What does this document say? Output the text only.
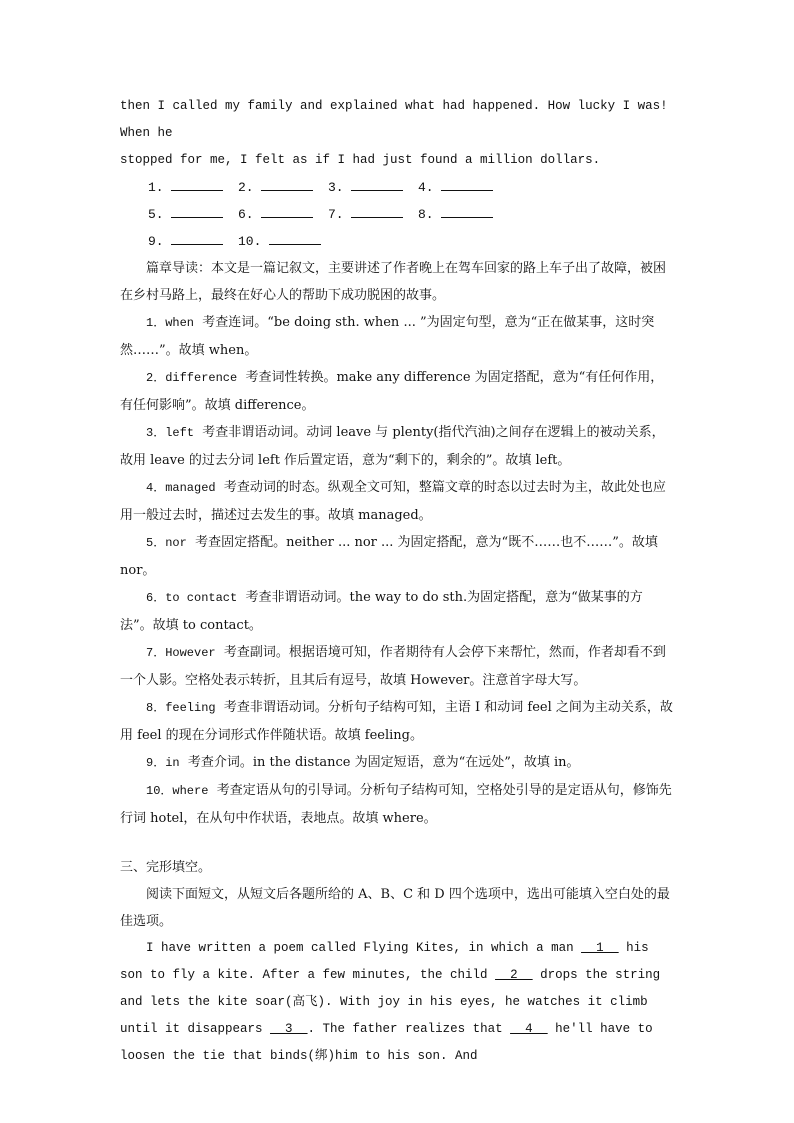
then I called my family and explained what had happened. How lucky I was! When he

stopped for me, I felt as if I had just found a million dollars.

1.	2.	3.	4.
5.	6.	7.	8.
9.	10.

篇章导读：本文是一篇记叙文，主要讲述了作者晚上在驾车回家的路上车子出了故障，被困在乡村马路上，最终在好心人的帮助下成功脱困的故事。

1．when 考查连词。“be doing sth. when ... ”为固定句型，意为“正在做某事，这时突然……”。故填 when。

2．difference 考查词性转换。make any difference 为固定搭配，意为“有任何作用，有任何影响”。故填 difference。

3．left 考查非谓语动词。动词 leave 与 plenty(指代汽油)之间存在逻辑上的被动关系，故用 leave 的过去分词 left 作后置定语，意为“剩下的，剩余的”。故填 left。

4．managed 考查动词的时态。纵观全文可知，整篇文章的时态以过去时为主，故此处也应用一般过去时，描述过去发生的事。故填 managed。

5．nor 考查固定搭配。neither ... nor ... 为固定搭配，意为“既不……也不……”。故填 nor。

6．to contact 考查非谓语动词。the way to do sth.为固定搭配，意为“做某事的方法”。故填 to contact。

7．However 考查副词。根据语境可知，作者期待有人会停下来帮忙，然而，作者却看不到一个人影。空格处表示转折，且其后有逗号，故填 However。注意首字母大写。

8．feeling 考查非谓语动词。分析句子结构可知，主语 I 和动词 feel 之间为主动关系，故用 feel 的现在分词形式作伴随状语。故填 feeling。

9．in 考查介词。in the distance 为固定短语，意为“在远处”，故填 in。

10．where 考查定语从句的引导词。分析句子结构可知，空格处引导的是定语从句，修饰先行词 hotel，在从句中作状语，表地点。故填 where。

三、完形填空。

阅读下面短文，从短文后各题所给的 A、B、C 和 D 四个选项中，选出可能填入空白处的最佳选项。

I have written a poem called Flying Kites, in which a man __1__ his son to fly a kite. After a few minutes, the child __2__ drops the string and lets the kite soar(高飞). With joy in his eyes, he watches it climb until it disappears __3__. The father realizes that __4__ he'll have to loosen the tie that binds(绑)him to his son. And
